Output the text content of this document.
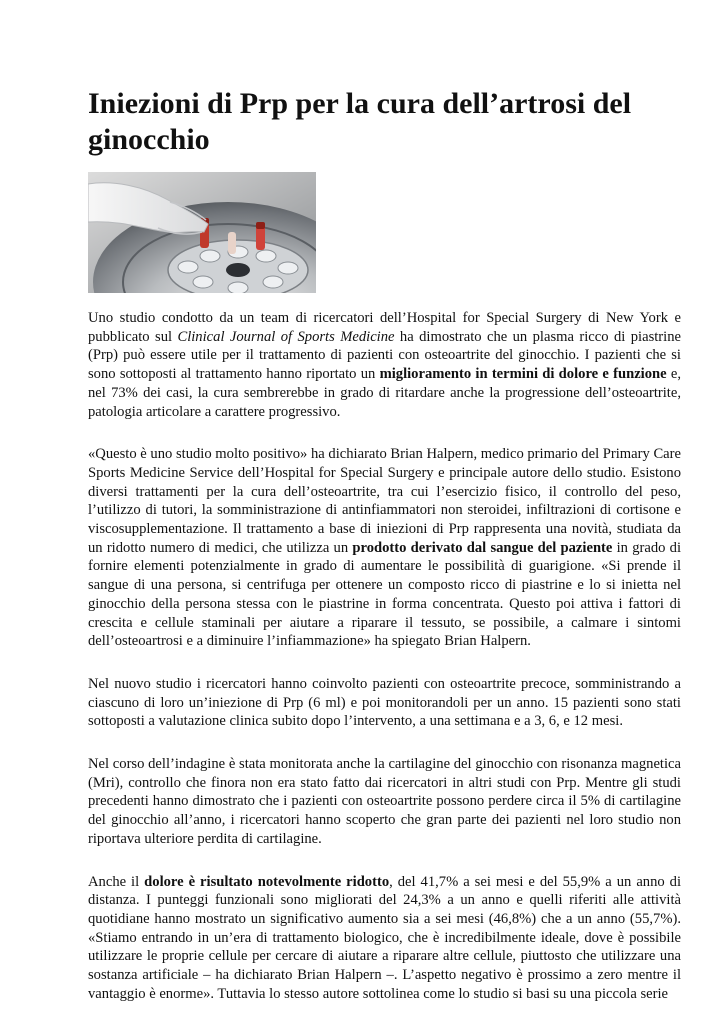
Iniezioni di Prp per la cura dell’artrosi del ginocchio

Uno studio condotto da un team di ricercatori dell’Hospital for Special Surgery di New York e pubblicato sul Clinical Journal of Sports Medicine ha dimostrato che un plasma ricco di piastrine (Prp) può essere utile per il trattamento di pazienti con osteoartrite del ginocchio. I pazienti che si sono sottoposti al trattamento hanno riportato un miglioramento in termini di dolore e funzione e, nel 73% dei casi, la cura sembrerebbe in grado di ritardare anche la progressione dell’osteoartrite, patologia articolare a carattere progressivo.

«Questo è uno studio molto positivo» ha dichiarato Brian Halpern, medico primario del Primary Care Sports Medicine Service dell’Hospital for Special Surgery e principale autore dello studio. Esistono diversi trattamenti per la cura dell’osteoartrite, tra cui l’esercizio fisico, il controllo del peso, l’utilizzo di tutori, la somministrazione di antinfiammatori non steroidei, infiltrazioni di cortisone e viscosupplementazione. Il trattamento a base di iniezioni di Prp rappresenta una novità, studiata da un ridotto numero di medici, che utilizza un prodotto derivato dal sangue del paziente in grado di fornire elementi potenzialmente in grado di aumentare le possibilità di guarigione. «Si prende il sangue di una persona, si centrifuga per ottenere un composto ricco di piastrine e lo si inietta nel ginocchio della persona stessa con le piastrine in forma concentrata. Questo poi attiva i fattori di crescita e cellule staminali per aiutare a riparare il tessuto, se possibile, a calmare i sintomi dell’osteoartrosi e a diminuire l’infiammazione» ha spiegato Brian Halpern.

Nel nuovo studio i ricercatori hanno coinvolto pazienti con osteoartrite precoce, somministrando a ciascuno di loro un’iniezione di Prp (6 ml) e poi monitorandoli per un anno. 15 pazienti sono stati sottoposti a valutazione clinica subito dopo l’intervento, a una settimana e a 3, 6, e 12 mesi.

Nel corso dell’indagine è stata monitorata anche la cartilagine del ginocchio con risonanza magnetica (Mri), controllo che finora non era stato fatto dai ricercatori in altri studi con Prp. Mentre gli studi precedenti hanno dimostrato che i pazienti con osteoartrite possono perdere circa il 5% di cartilagine del ginocchio all’anno, i ricercatori hanno scoperto che gran parte dei pazienti nel loro studio non riportava ulteriore perdita di cartilagine.

Anche il dolore è risultato notevolmente ridotto, del 41,7% a sei mesi e del 55,9% a un anno di distanza. I punteggi funzionali sono migliorati del 24,3% a un anno e quelli riferiti alle attività quotidiane hanno mostrato un significativo aumento sia a sei mesi (46,8%) che a un anno (55,7%). «Stiamo entrando in un’era di trattamento biologico, che è incredibilmente ideale, dove è possibile utilizzare le proprie cellule per cercare di aiutare a riparare altre cellule, piuttosto che utilizzare una sostanza artificiale – ha dichiarato Brian Halpern –. L’aspetto negativo è prossimo a zero mentre il vantaggio è enorme». Tuttavia lo stesso autore sottolinea come lo studio si basi su una piccola serie
